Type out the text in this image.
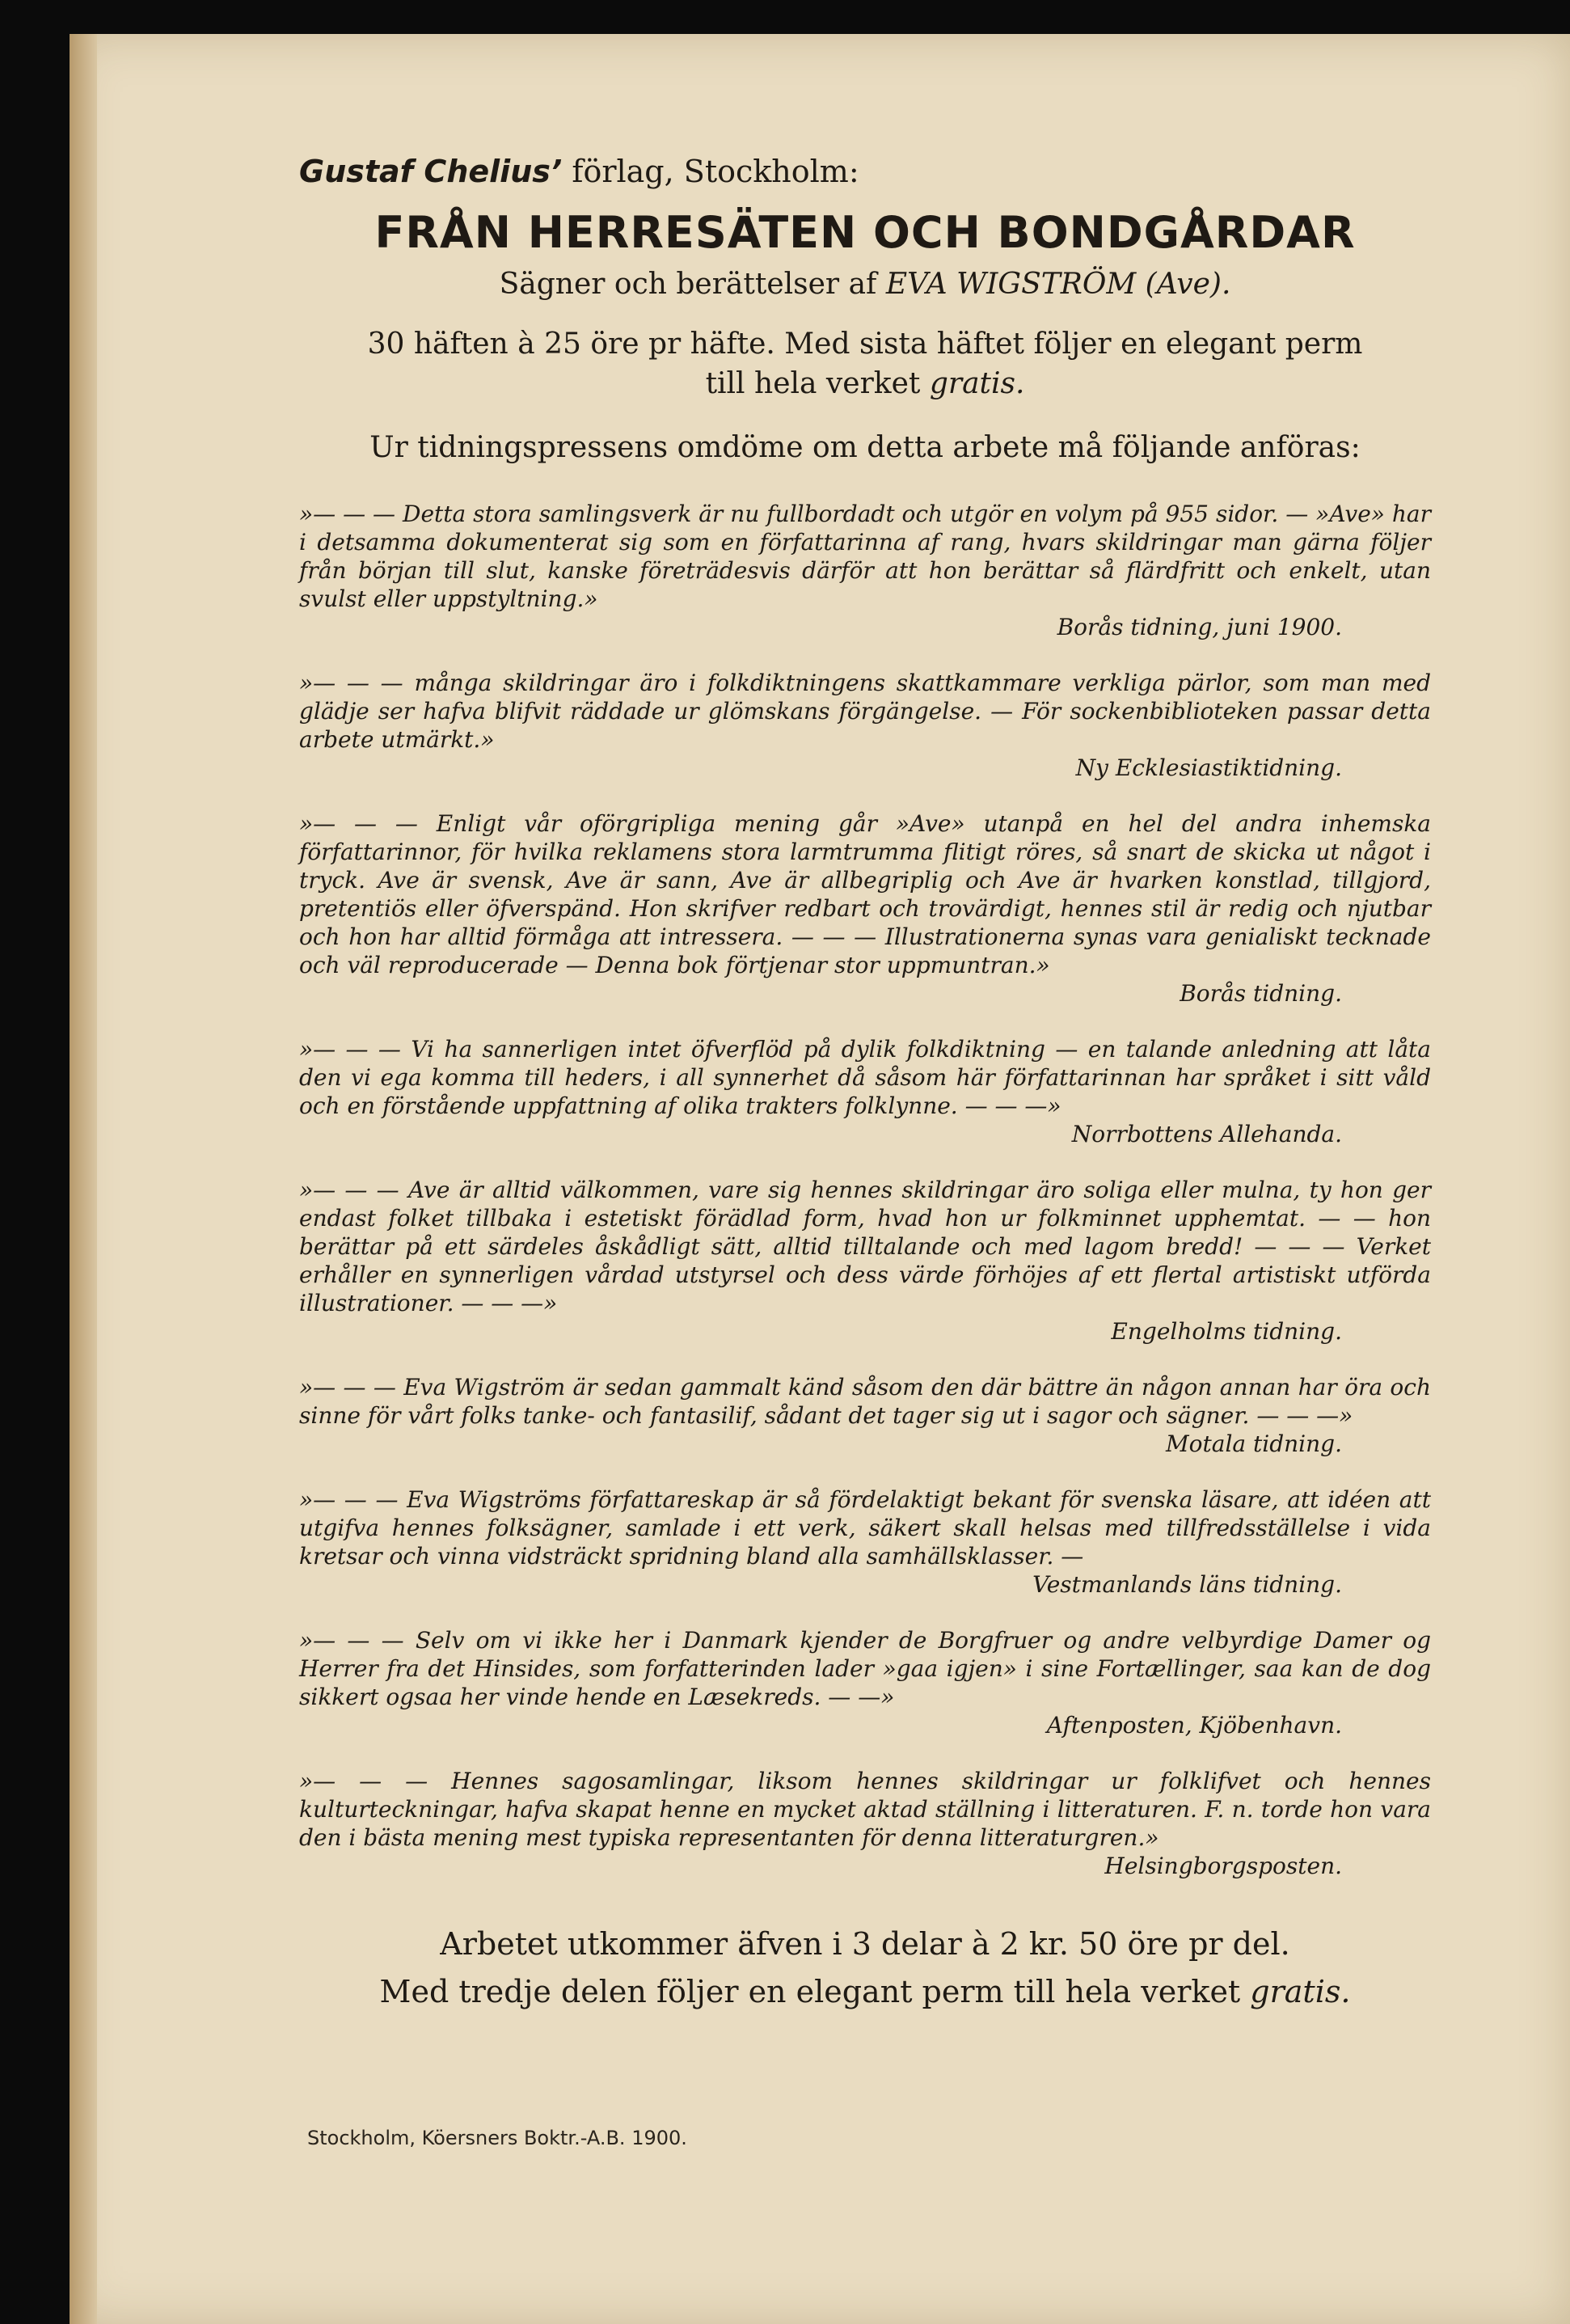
Gustaf Chelius’ förlag, Stockholm:

FRÅN HERRESÄTEN OCH BONDGÅRDAR

Sägner och berättelser af EVA WIGSTRÖM (Ave).

30 häften à 25 öre pr häfte. Med sista häftet följer en elegant perm
till hela verket gratis.

Ur tidningspressens omdöme om detta arbete må följande anföras:

»— — — Detta stora samlingsverk är nu fullbordadt och utgör en volym på 955 sidor. — »Ave» har i detsamma dokumenterat sig som en författarinna af rang, hvars skildringar man gärna följer från början till slut, kanske företrädesvis därför att hon berättar så flärdfritt och enkelt, utan svulst eller uppstyltning.»
Borås tidning, juni 1900.
»— — — många skildringar äro i folkdiktningens skattkammare verkliga pärlor, som man med glädje ser hafva blifvit räddade ur glömskans förgängelse. — För sockenbiblioteken passar detta arbete utmärkt.»
Ny Ecklesiastiktidning.
»— — — Enligt vår oförgripliga mening går »Ave» utanpå en hel del andra inhemska författarinnor, för hvilka reklamens stora larmtrumma flitigt röres, så snart de skicka ut något i tryck. Ave är svensk, Ave är sann, Ave är allbegriplig och Ave är hvarken konstlad, tillgjord, pretentiös eller öfverspänd. Hon skrifver redbart och trovärdigt, hennes stil är redig och njutbar och hon har alltid förmåga att intressera. — — — Illustrationerna synas vara genialiskt tecknade och väl reproducerade — Denna bok förtjenar stor uppmuntran.»
Borås tidning.
»— — — Vi ha sannerligen intet öfverflöd på dylik folkdiktning — en talande anledning att låta den vi ega komma till heders, i all synnerhet då såsom här författarinnan har språket i sitt våld och en förstående uppfattning af olika trakters folklynne. — — —»
Norrbottens Allehanda.
»— — — Ave är alltid välkommen, vare sig hennes skildringar äro soliga eller mulna, ty hon ger endast folket tillbaka i estetiskt förädlad form, hvad hon ur folkminnet upphemtat. — — hon berättar på ett särdeles åskådligt sätt, alltid tilltalande och med lagom bredd! — — — Verket erhåller en synnerligen vårdad utstyrsel och dess värde förhöjes af ett flertal artistiskt utförda illustrationer. — — —»
Engelholms tidning.
»— — — Eva Wigström är sedan gammalt känd såsom den där bättre än någon annan har öra och sinne för vårt folks tanke- och fantasilif, sådant det tager sig ut i sagor och sägner. — — —»
Motala tidning.
»— — — Eva Wigströms författareskap är så fördelaktigt bekant för svenska läsare, att idéen att utgifva hennes folksägner, samlade i ett verk, säkert skall helsas med tillfredsställelse i vida kretsar och vinna vidsträckt spridning bland alla samhällsklasser. —
Vestmanlands läns tidning.
»— — — Selv om vi ikke her i Danmark kjender de Borgfruer og andre velbyrdige Damer og Herrer fra det Hinsides, som forfatterinden lader »gaa igjen» i sine Fortællinger, saa kan de dog sikkert ogsaa her vinde hende en Læsekreds. — —»
Aftenposten, Kjöbenhavn.
»— — — Hennes sagosamlingar, liksom hennes skildringar ur folklifvet och hennes kulturteckningar, hafva skapat henne en mycket aktad ställning i litteraturen. F. n. torde hon vara den i bästa mening mest typiska representanten för denna litteraturgren.»
Helsingborgsposten.

Arbetet utkommer äfven i 3 delar à 2 kr. 50 öre pr del.
Med tredje delen följer en elegant perm till hela verket gratis.

Stockholm, Köersners Boktr.-A.B. 1900.
